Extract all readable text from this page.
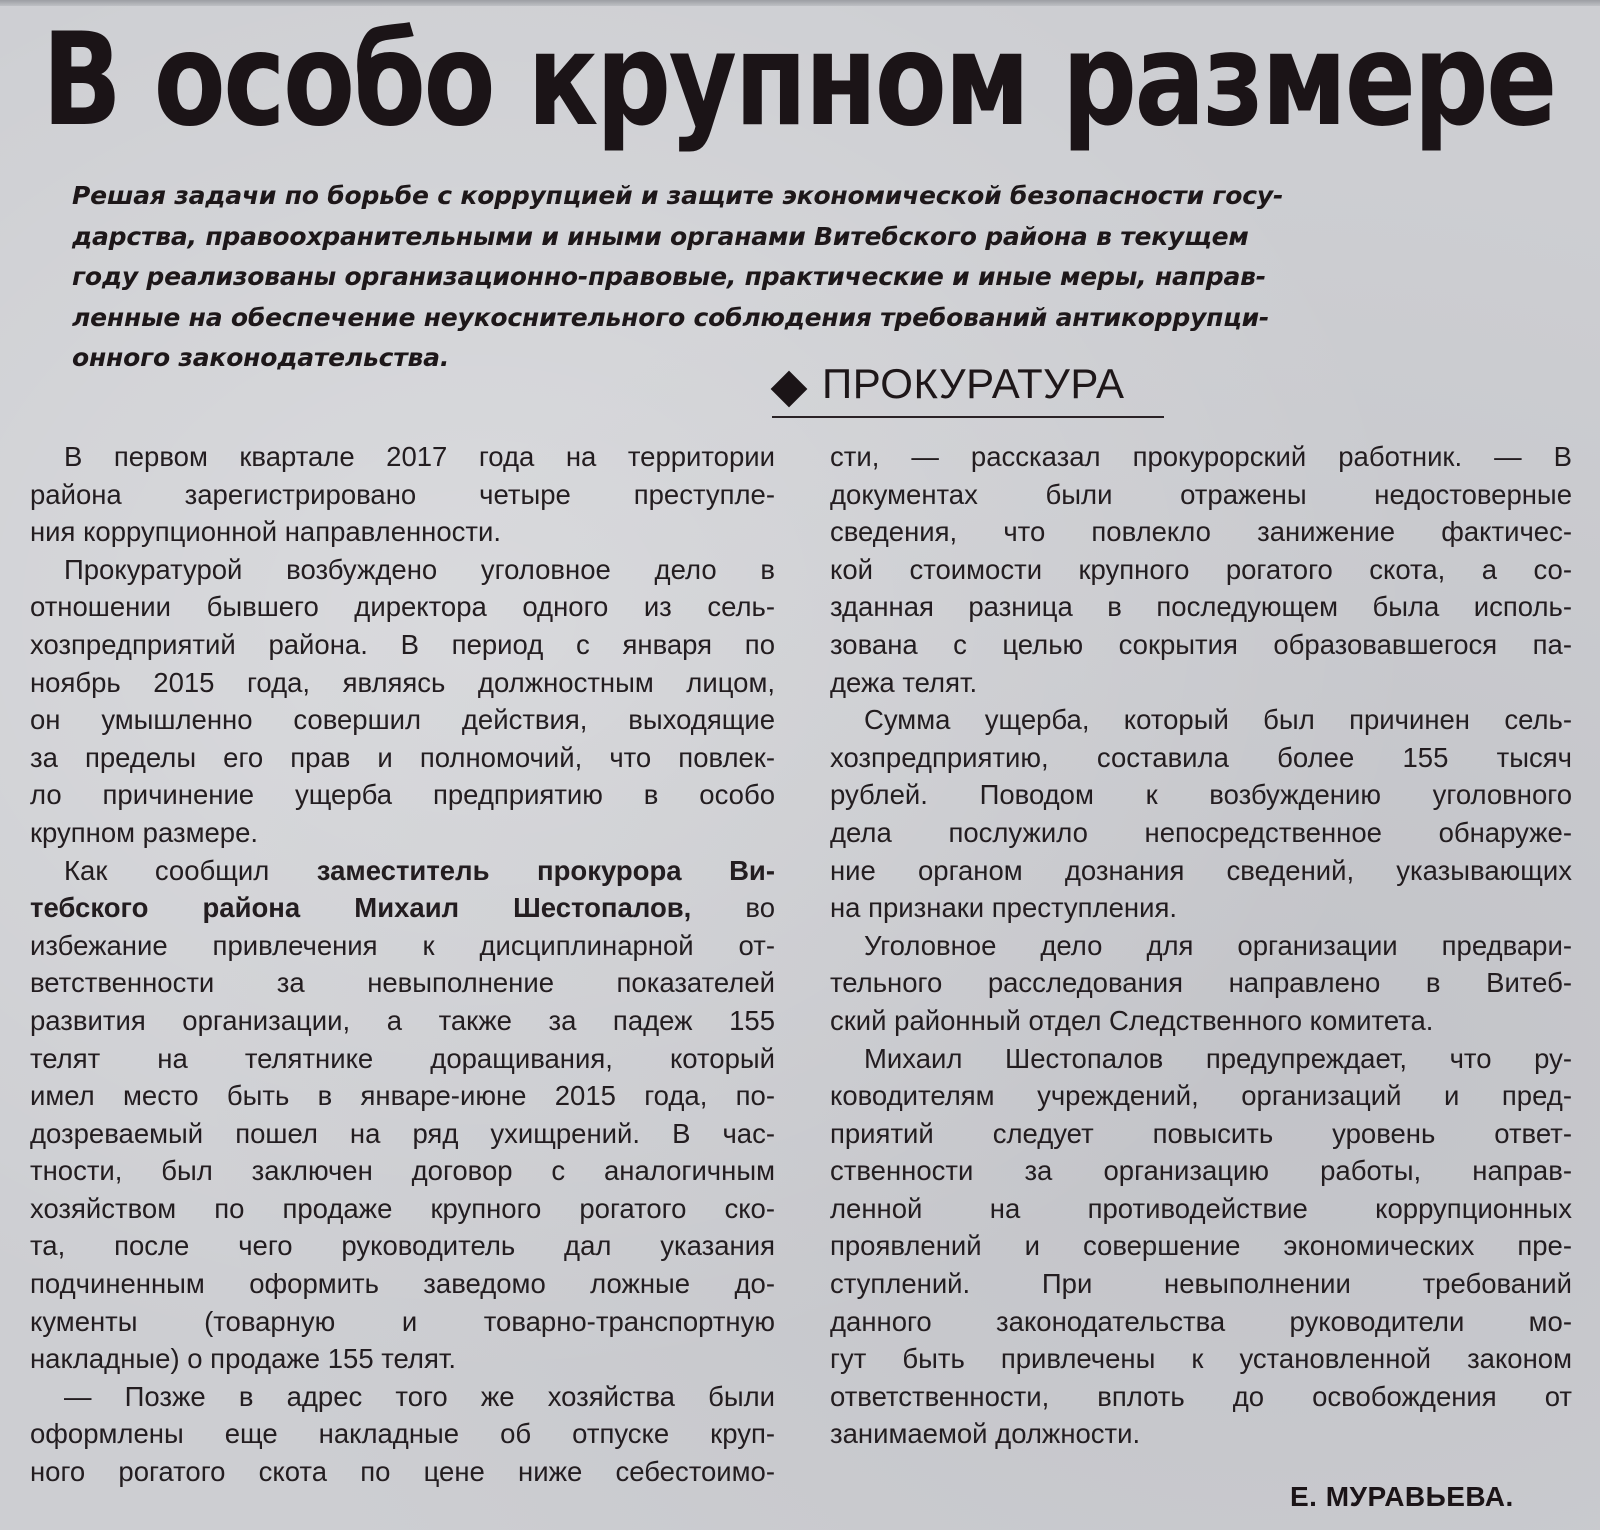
В особо крупном размере
Решая задачи по борьбе с коррупцией и защите экономической безопасности госу-
дарства, правоохранительными и иными органами Витебского района в текущем
году реализованы организационно-правовые, практические и иные меры, направ-
ленные на обеспечение неукоснительного соблюдения требований антикоррупци-
онного законодательства.
ПРОКУРАТУРА
В первом квартале 2017 года на территории
района зарегистрировано четыре преступле-
ния коррупционной направленности.
Прокуратурой возбуждено уголовное дело в
отношении бывшего директора одного из сель-
хозпредприятий района. В период с января по
ноябрь 2015 года, являясь должностным лицом,
он умышленно совершил действия, выходящие
за пределы его прав и полномочий, что повлек-
ло причинение ущерба предприятию в особо
крупном размере.
Как сообщил заместитель прокурора Ви-
тебского района Михаил Шестопалов, во
избежание привлечения к дисциплинарной от-
ветственности за невыполнение показателей
развития организации, а также за падеж 155
телят на телятнике доращивания, который
имел место быть в январе-июне 2015 года, по-
дозреваемый пошел на ряд ухищрений. В час-
тности, был заключен договор с аналогичным
хозяйством по продаже крупного рогатого ско-
та, после чего руководитель дал указания
подчиненным оформить заведомо ложные до-
кументы (товарную и товарно-транспортную
накладные) о продаже 155 телят.
— Позже в адрес того же хозяйства были
оформлены еще накладные об отпуске круп-
ного рогатого скота по цене ниже себестоимо-
сти, — рассказал прокурорский работник. — В
документах были отражены недостоверные
сведения, что повлекло занижение фактичес-
кой стоимости крупного рогатого скота, а со-
зданная разница в последующем была исполь-
зована с целью сокрытия образовавшегося па-
дежа телят.
Сумма ущерба, который был причинен сель-
хозпредприятию, составила более 155 тысяч
рублей. Поводом к возбуждению уголовного
дела послужило непосредственное обнаруже-
ние органом дознания сведений, указывающих
на признаки преступления.
Уголовное дело для организации предвари-
тельного расследования направлено в Витеб-
ский районный отдел Следственного комитета.
Михаил Шестопалов предупреждает, что ру-
ководителям учреждений, организаций и пред-
приятий следует повысить уровень ответ-
ственности за организацию работы, направ-
ленной на противодействие коррупционных
проявлений и совершение экономических пре-
ступлений. При невыполнении требований
данного законодательства руководители мо-
гут быть привлечены к установленной законом
ответственности, вплоть до освобождения от
занимаемой должности.
Е. МУРАВЬЕВА.
